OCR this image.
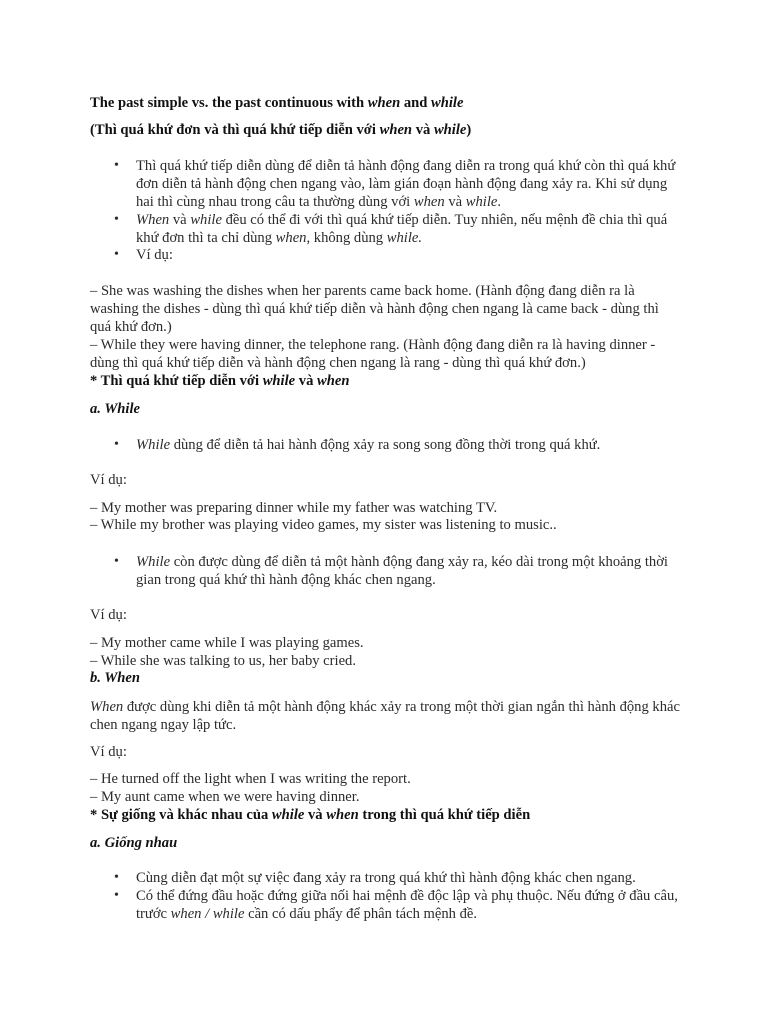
The past simple vs. the past continuous with when and while

(Thì quá khứ đơn và thì quá khứ tiếp diễn với when và while)

• Thì quá khứ tiếp diễn dùng để diễn tả hành động đang diễn ra trong quá khứ còn thì quá khứ đơn diễn tả hành động chen ngang vào, làm gián đoạn hành động đang xảy ra. Khi sử dụng hai thì cùng nhau trong câu ta thường dùng với when và while.

• When và while đều có thể đi với thì quá khứ tiếp diễn. Tuy nhiên, nếu mệnh đề chia thì quá khứ đơn thì ta chỉ dùng when, không dùng while.

• Ví dụ:

– She was washing the dishes when her parents came back home. (Hành động đang diễn ra là washing the dishes - dùng thì quá khứ tiếp diễn và hành động chen ngang là came back - dùng thì quá khứ đơn.)

– While they were having dinner, the telephone rang. (Hành động đang diễn ra là having dinner - dùng thì quá khứ tiếp diễn và hành động chen ngang là rang - dùng thì quá khứ đơn.)

* Thì quá khứ tiếp diễn với while và when

a. While

• While dùng để diễn tả hai hành động xảy ra song song đồng thời trong quá khứ.

Ví dụ:

– My mother was preparing dinner while my father was watching TV.

– While my brother was playing video games, my sister was listening to music..

• While còn được dùng để diễn tả một hành động đang xảy ra, kéo dài trong một khoảng thời gian trong quá khứ thì hành động khác chen ngang.

Ví dụ:

– My mother came while I was playing games.

– While she was talking to us, her baby cried.

b. When

When được dùng khi diễn tả một hành động khác xảy ra trong một thời gian ngắn thì hành động khác chen ngang ngay lập tức.

Ví dụ:

– He turned off the light when I was writing the report.

– My aunt came when we were having dinner.

* Sự giống và khác nhau của while và when trong thì quá khứ tiếp diễn

a. Giống nhau

• Cùng diễn đạt một sự việc đang xảy ra trong quá khứ thì hành động khác chen ngang.

• Có thể đứng đầu hoặc đứng giữa nối hai mệnh đề độc lập và phụ thuộc. Nếu đứng ở đầu câu, trước when / while cần có dấu phẩy để phân tách mệnh đề.
